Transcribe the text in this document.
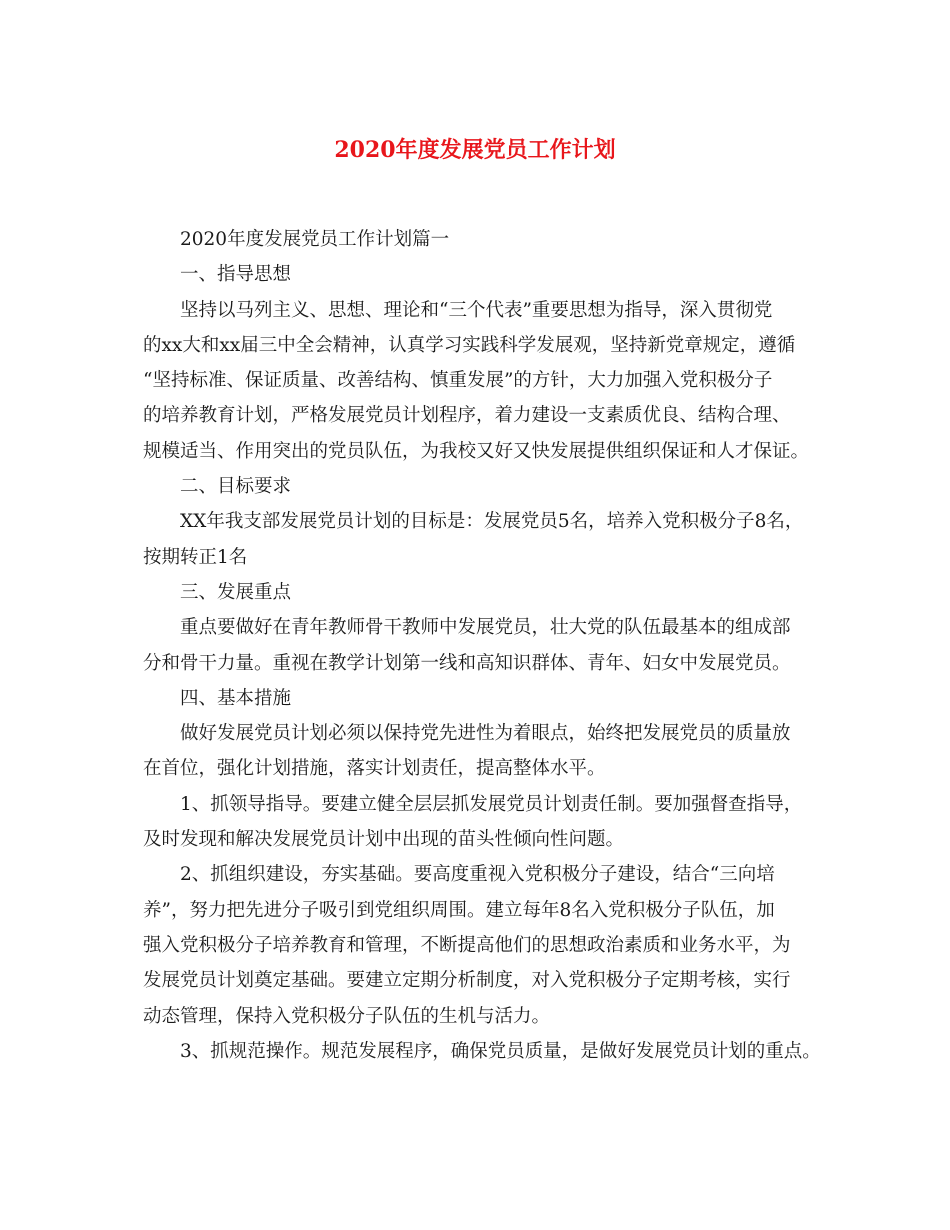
2020年度发展党员工作计划
2020年度发展党员工作计划篇一
一、指导思想
坚持以马列主义、思想、理论和“三个代表”重要思想为指导，深入贯彻党
的xx大和xx届三中全会精神，认真学习实践科学发展观，坚持新党章规定，遵循
“坚持标准、保证质量、改善结构、慎重发展”的方针，大力加强入党积极分子
的培养教育计划，严格发展党员计划程序，着力建设一支素质优良、结构合理、
规模适当、作用突出的党员队伍，为我校又好又快发展提供组织保证和人才保证。
二、目标要求
XX年我支部发展党员计划的目标是：发展党员5名，培养入党积极分子8名，
按期转正1名
三、发展重点
重点要做好在青年教师骨干教师中发展党员，壮大党的队伍最基本的组成部
分和骨干力量。重视在教学计划第一线和高知识群体、青年、妇女中发展党员。
四、基本措施
做好发展党员计划必须以保持党先进性为着眼点，始终把发展党员的质量放
在首位，强化计划措施，落实计划责任，提高整体水平。
1、抓领导指导。要建立健全层层抓发展党员计划责任制。要加强督查指导，
及时发现和解决发展党员计划中出现的苗头性倾向性问题。
2、抓组织建设，夯实基础。要高度重视入党积极分子建设，结合“三向培
养”，努力把先进分子吸引到党组织周围。建立每年8名入党积极分子队伍，加
强入党积极分子培养教育和管理，不断提高他们的思想政治素质和业务水平，为
发展党员计划奠定基础。要建立定期分析制度，对入党积极分子定期考核，实行
动态管理，保持入党积极分子队伍的生机与活力。
3、抓规范操作。规范发展程序，确保党员质量，是做好发展党员计划的重点。
